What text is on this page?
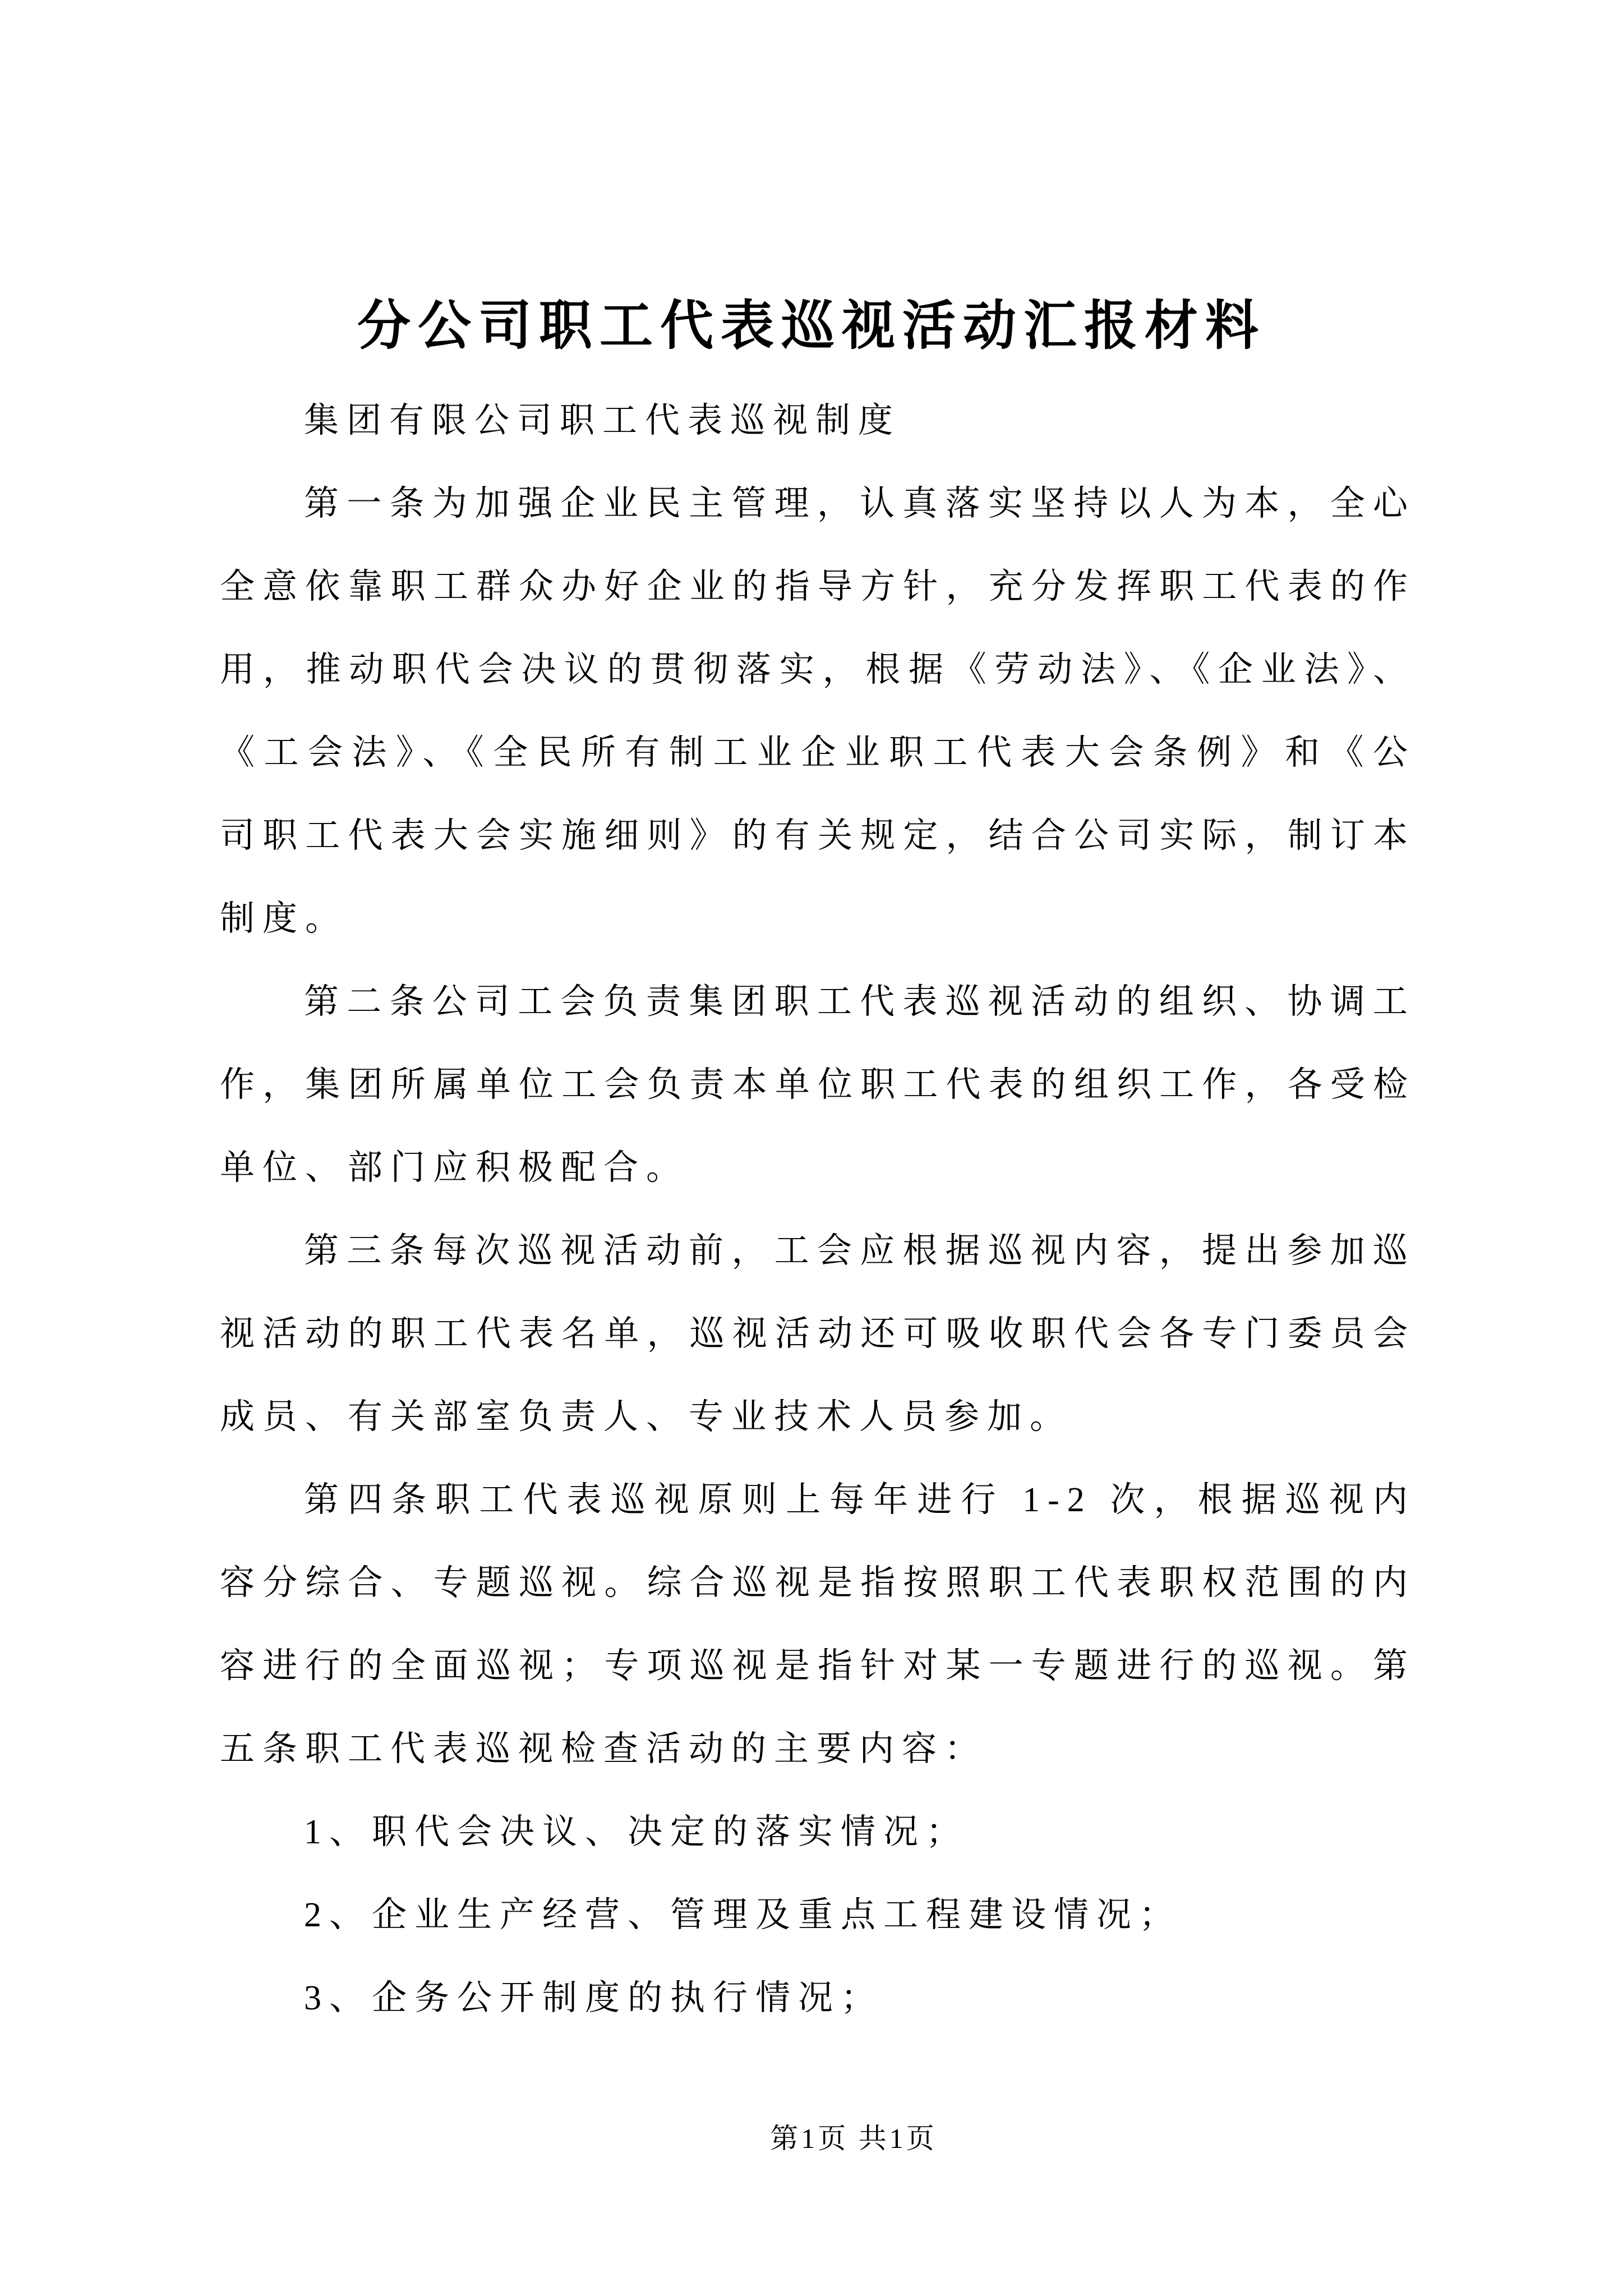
分公司职工代表巡视活动汇报材料

集团有限公司职工代表巡视制度

第一条为加强企业民主管理，认真落实坚持以人为本，全心全意依靠职工群众办好企业的指导方针，充分发挥职工代表的作用，推动职代会决议的贯彻落实，根据《劳动法》、《企业法》、《工会法》、《全民所有制工业企业职工代表大会条例》和《公司职工代表大会实施细则》的有关规定，结合公司实际，制订本制度。

第二条公司工会负责集团职工代表巡视活动的组织、协调工作，集团所属单位工会负责本单位职工代表的组织工作，各受检单位、部门应积极配合。

第三条每次巡视活动前，工会应根据巡视内容，提出参加巡视活动的职工代表名单，巡视活动还可吸收职代会各专门委员会成员、有关部室负责人、专业技术人员参加。

第四条职工代表巡视原则上每年进行 1-2 次，根据巡视内容分综合、专题巡视。综合巡视是指按照职工代表职权范围的内容进行的全面巡视；专项巡视是指针对某一专题进行的巡视。第五条职工代表巡视检查活动的主要内容：

1、职代会决议、决定的落实情况；

2、企业生产经营、管理及重点工程建设情况；

3、企务公开制度的执行情况；

第1页 共1页
